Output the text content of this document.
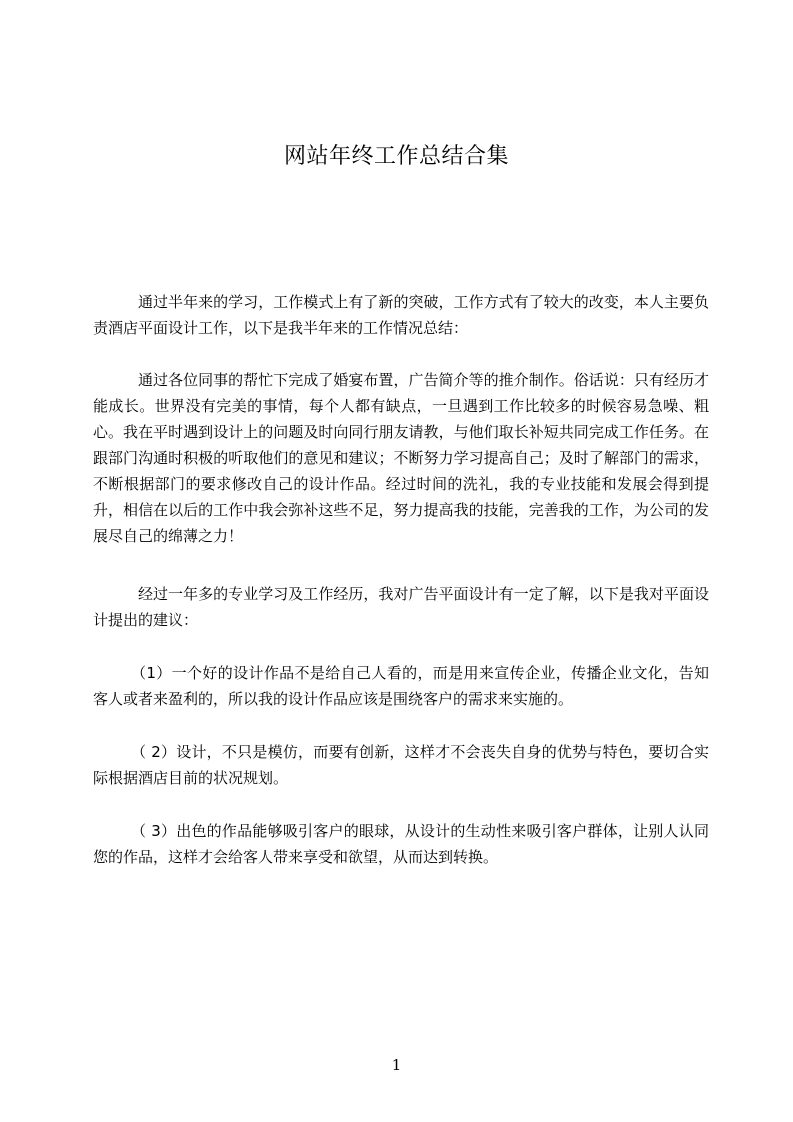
网站年终工作总结合集

通过半年来的学习，工作模式上有了新的突破，工作方式有了较大的改变，本人主要负责酒店平面设计工作，以下是我半年来的工作情况总结：

通过各位同事的帮忙下完成了婚宴布置，广告简介等的推介制作。俗话说：只有经历才能成长。世界没有完美的事情，每个人都有缺点，一旦遇到工作比较多的时候容易急噪、粗心。我在平时遇到设计上的问题及时向同行朋友请教，与他们取长补短共同完成工作任务。在跟部门沟通时积极的听取他们的意见和建议；不断努力学习提高自己；及时了解部门的需求，不断根据部门的要求修改自己的设计作品。经过时间的洗礼，我的专业技能和发展会得到提升，相信在以后的工作中我会弥补这些不足，努力提高我的技能，完善我的工作，为公司的发展尽自己的绵薄之力！

经过一年多的专业学习及工作经历，我对广告平面设计有一定了解，以下是我对平面设计提出的建议：

（1）一个好的设计作品不是给自己人看的，而是用来宣传企业，传播企业文化，告知客人或者来盈利的，所以我的设计作品应该是围绕客户的需求来实施的。

（ 2）设计，不只是模仿，而要有创新，这样才不会丧失自身的优势与特色，要切合实际根据酒店目前的状况规划。

（ 3）出色的作品能够吸引客户的眼球，从设计的生动性来吸引客户群体，让别人认同您的作品，这样才会给客人带来享受和欲望，从而达到转换。

1
